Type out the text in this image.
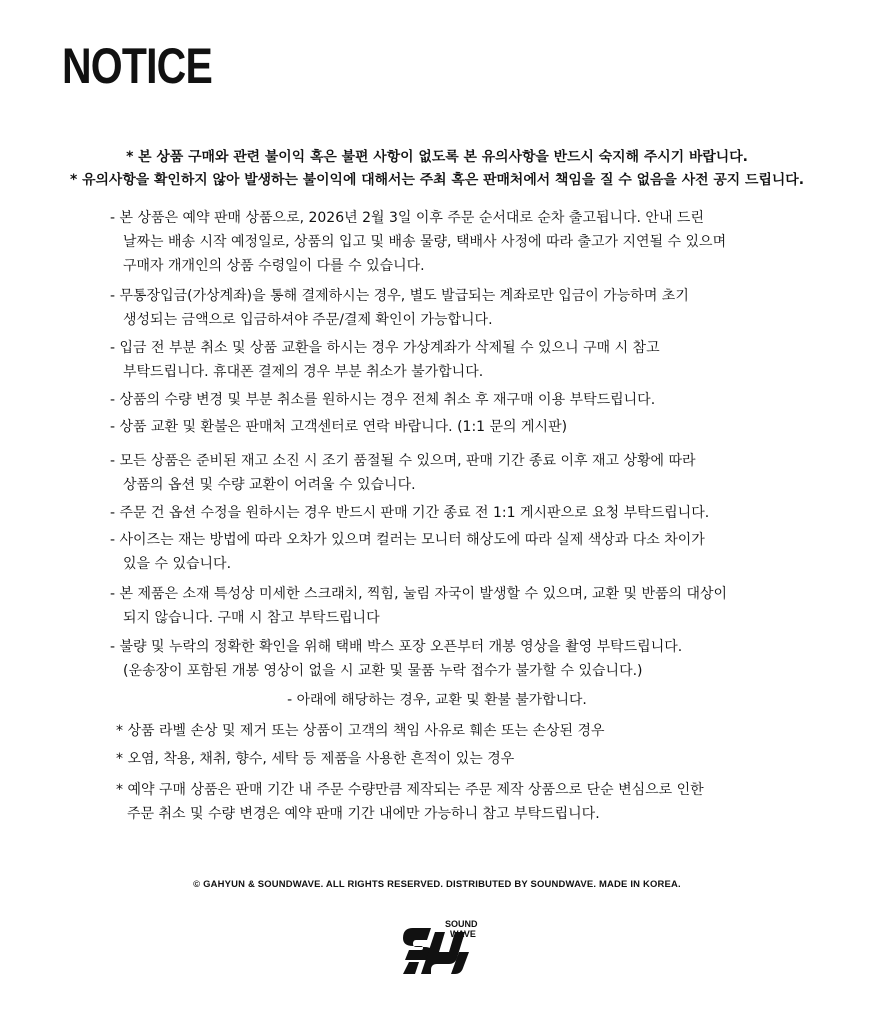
NOTICE

* 본 상품 구매와 관련 불이익 혹은 불편 사항이 없도록 본 유의사항을 반드시 숙지해 주시기 바랍니다.

* 유의사항을 확인하지 않아 발생하는 불이익에 대해서는 주최 혹은 판매처에서 책임을 질 수 없음을 사전 공지 드립니다.

- 본 상품은 예약 판매 상품으로, 2026년 2월 3일 이후 주문 순서대로 순차 출고됩니다. 안내 드린
날짜는 배송 시작 예정일로, 상품의 입고 및 배송 물량, 택배사 사정에 따라 출고가 지연될 수 있으며
구매자 개개인의 상품 수령일이 다를 수 있습니다.
- 무통장입금(가상계좌)을 통해 결제하시는 경우, 별도 발급되는 계좌로만 입금이 가능하며 초기
생성되는 금액으로 입금하셔야 주문/결제 확인이 가능합니다.
- 입금 전 부분 취소 및 상품 교환을 하시는 경우 가상계좌가 삭제될 수 있으니 구매 시 참고
부탁드립니다. 휴대폰 결제의 경우 부분 취소가 불가합니다.
- 상품의 수량 변경 및 부분 취소를 원하시는 경우 전체 취소 후 재구매 이용 부탁드립니다.
- 상품 교환 및 환불은 판매처 고객센터로 연락 바랍니다. (1:1 문의 게시판)
- 모든 상품은 준비된 재고 소진 시 조기 품절될 수 있으며, 판매 기간 종료 이후 재고 상황에 따라
상품의 옵션 및 수량 교환이 어려울 수 있습니다.
- 주문 건 옵션 수정을 원하시는 경우 반드시 판매 기간 종료 전 1:1 게시판으로 요청 부탁드립니다.
- 사이즈는 재는 방법에 따라 오차가 있으며 컬러는 모니터 해상도에 따라 실제 색상과 다소 차이가
있을 수 있습니다.
- 본 제품은 소재 특성상 미세한 스크래치, 찍힘, 눌림 자국이 발생할 수 있으며, 교환 및 반품의 대상이
되지 않습니다. 구매 시 참고 부탁드립니다
- 불량 및 누락의 정확한 확인을 위해 택배 박스 포장 오픈부터 개봉 영상을 촬영 부탁드립니다.
(운송장이 포함된 개봉 영상이 없을 시 교환 및 물품 누락 접수가 불가할 수 있습니다.)
- 아래에 해당하는 경우, 교환 및 환불 불가합니다.
* 상품 라벨 손상 및 제거 또는 상품이 고객의 책임 사유로 훼손 또는 손상된 경우
* 오염, 착용, 채취, 향수, 세탁 등 제품을 사용한 흔적이 있는 경우
* 예약 구매 상품은 판매 기간 내 주문 수량만큼 제작되는 주문 제작 상품으로 단순 변심으로 인한
주문 취소 및 수량 변경은 예약 판매 기간 내에만 가능하니 참고 부탁드립니다.
© GAHYUN & SOUNDWAVE. ALL RIGHTS RESERVED. DISTRIBUTED BY SOUNDWAVE. MADE IN KOREA.
SOUND
WAVE
